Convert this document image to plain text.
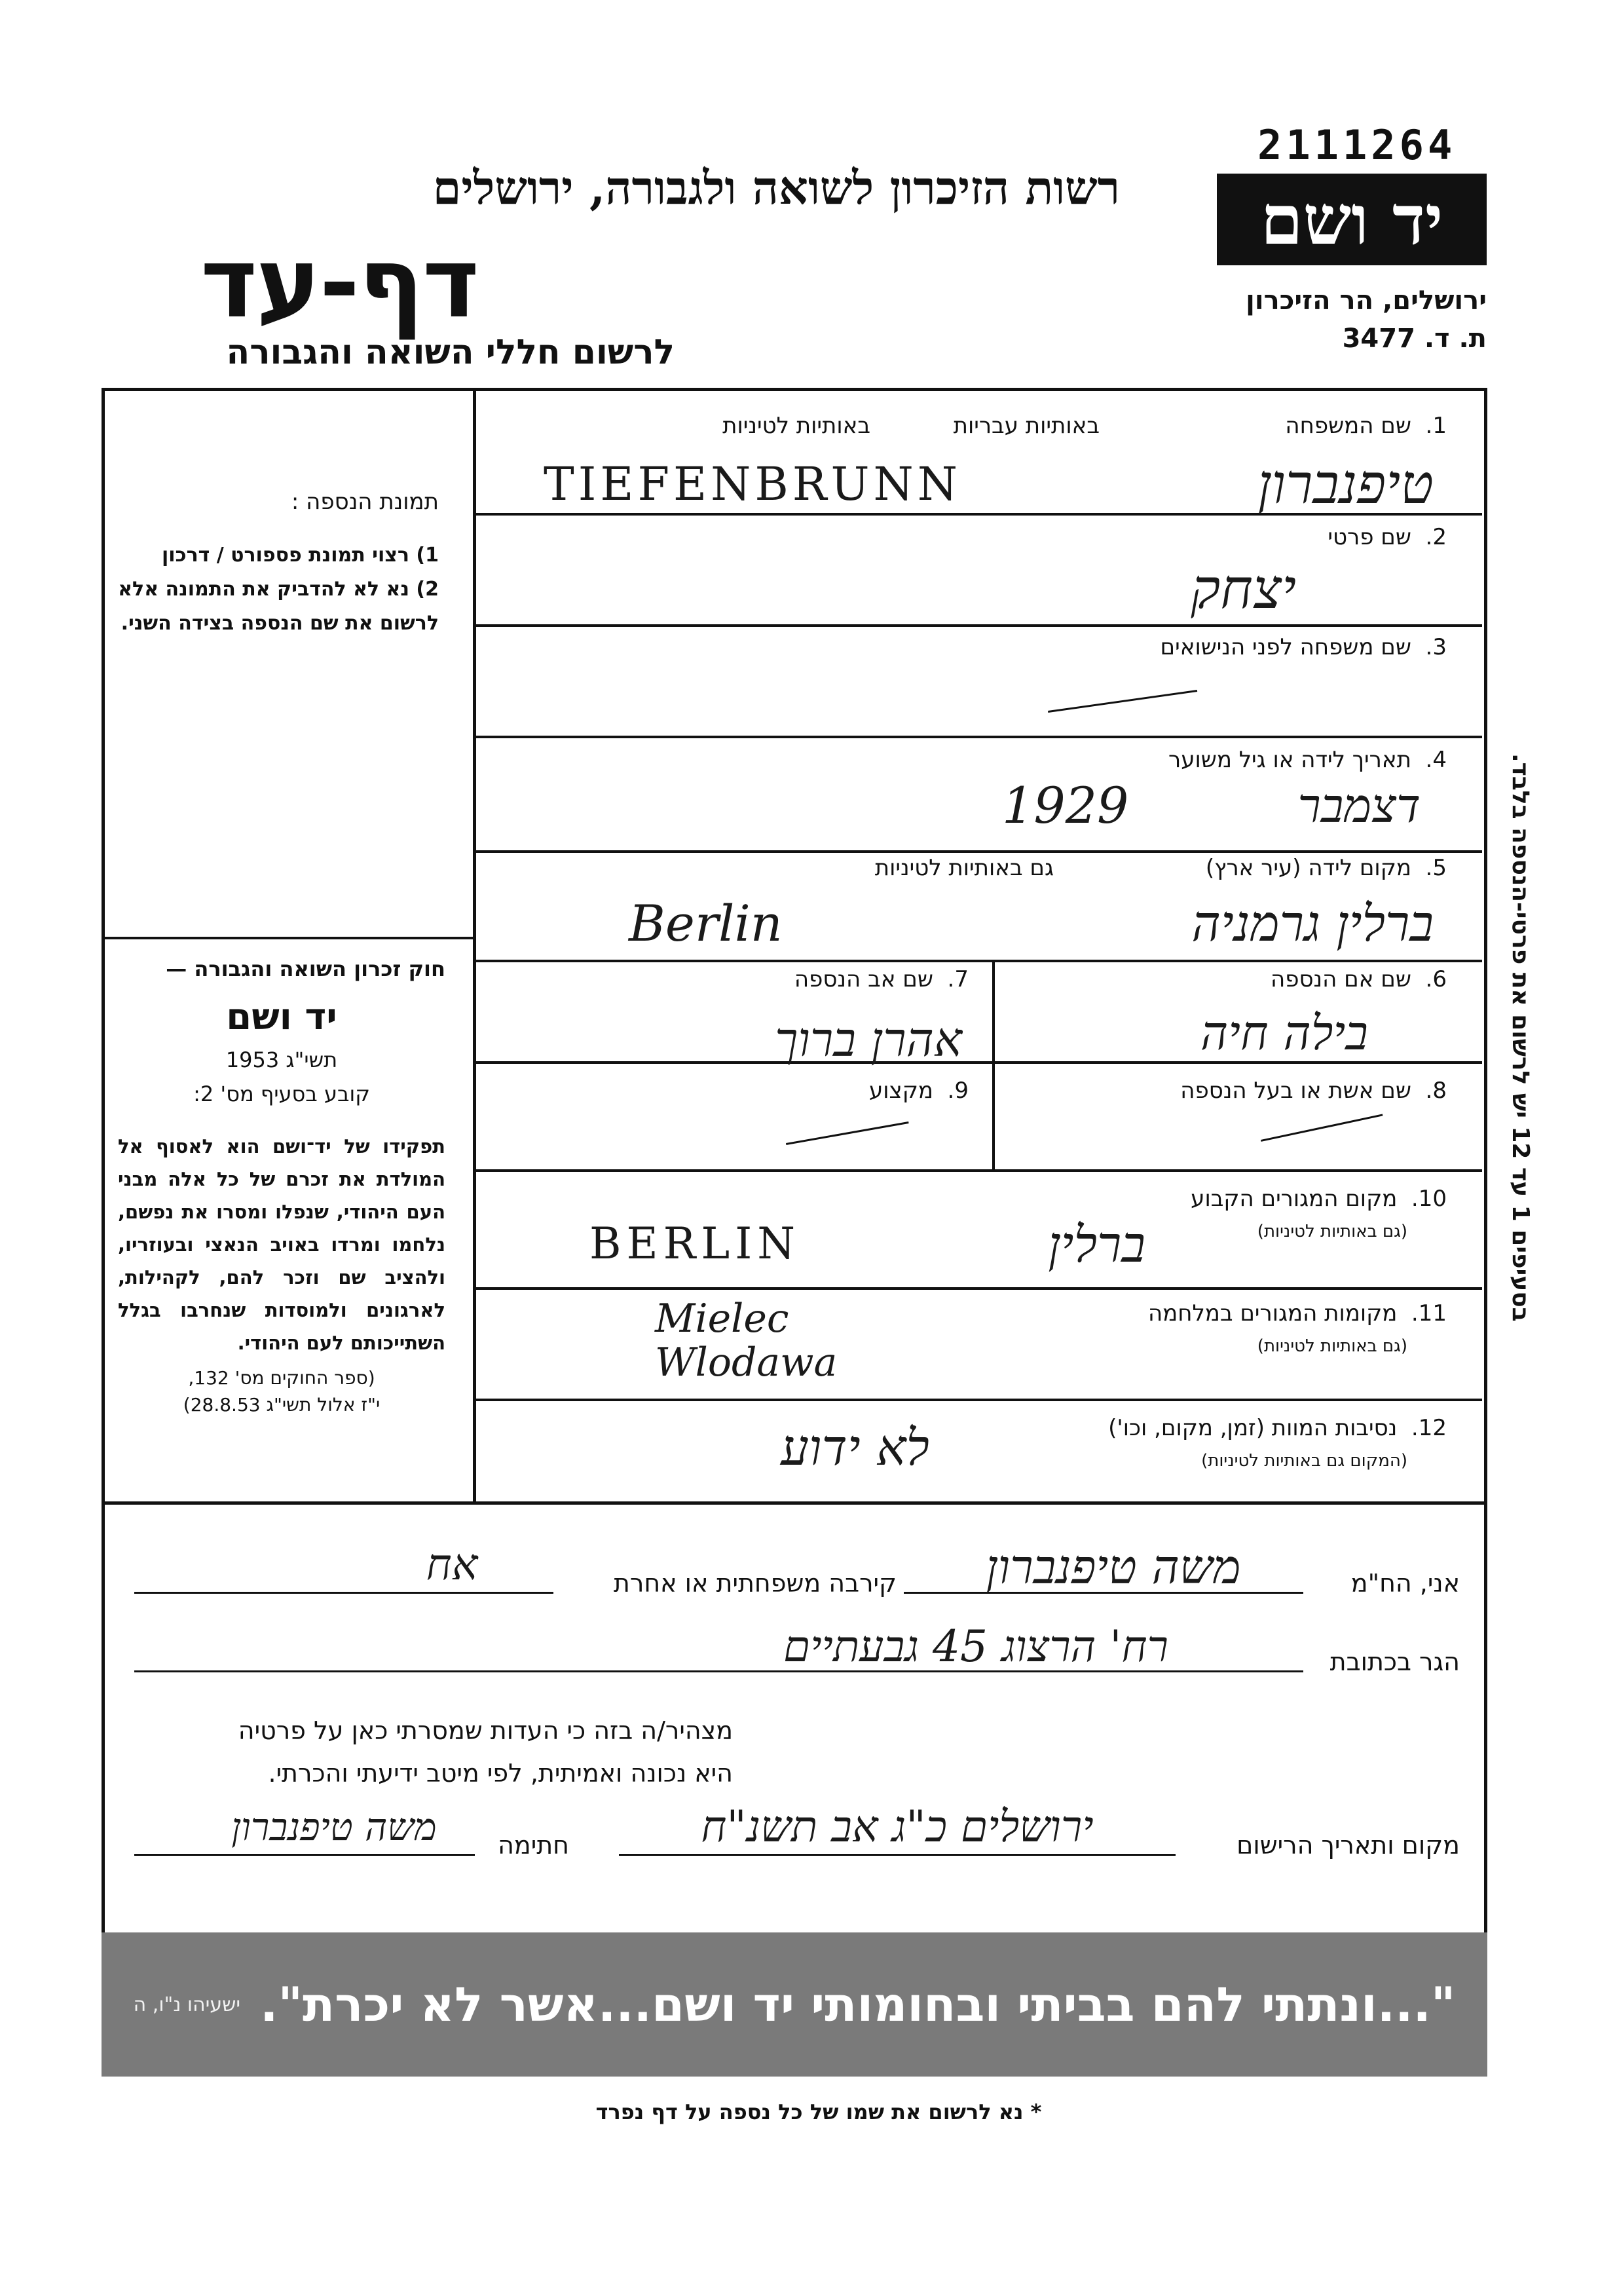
2111264
יד ושם
ירושלים, הר הזיכרון
ת. ד. 3477
רשות הזיכרון לשואה ולגבורה, ירושלים
דף-עד
לרשום חללי השואה והגבורה
בסעיפים 1 עד 12 יש לרשום את פרטי-הנספה בלבד.
תמונת הנספה :
1) רצוי תמונת פספורט / דרכון
2) נא לא להדביק את התמונה אלא לרשום את שם הנספה בצידה השני.
חוק זכרון השואה והגבורה —
יד ושם
תשי"ג 1953
קובע בסעיף מס' 2:
תפקידו של יד־ושם הוא לאסוף אל המולדת את זכרם של כל אלה מבני העם היהודי, שנפלו ומסרו את נפשם, נלחמו ומרדו באויב הנאצי ובעוזריו, ולהציב שם וזכר להם, לקהילות, לארגונים ולמוסדות שנחרבו בגלל השתייכותם לעם היהודי.
(ספר החוקים מס' 132,
י"ז אלול תשי"ג 28.8.53)
1.  שם המשפחה
באותיות עבריות
באותיות לטיניות
טיפנברון
TIEFENBRUNN
2.  שם פרטי
יצחק
3.  שם משפחה לפני הנישואים
4.  תאריך לידה או גיל משוער
1929	דצמבר
5.  מקום לידה (עיר ארץ)
גם באותיות לטיניות
ברלין גרמניה
Berlin
6.  שם אם הנספה
בילה חיה
7.  שם אב הנספה
אהרן ברוך
8.  שם אשת או בעל הנספה
9.  מקצוע
10.  מקום המגורים הקבוע
(גם באותיות לטיניות)
ברלין
BERLIN
11.  מקומות המגורים במלחמה
(גם באותיות לטיניות)
Mielec
Wlodawa
12.  נסיבות המוות (זמן, מקום, וכו')
(המקום גם באותיות לטיניות)
לא ידוע
אני, הח"מ
משה טיפנברון
קירבה משפחתית או אחרת
אח
הגר בכתובת
רח' הרצוג 45 גבעתיים
מצהיר/ה בזה כי העדות שמסרתי כאן על פרטיה
היא נכונה ואמיתית, לפי מיטב ידיעתי והכרתי.
מקום ותאריך הרישום
ירושלים כ"ג אב תשנ"ח
חתימה
משה טיפנברון
"...ונתתי להם בביתי ובחומותי יד ושם...אשר לא יכרת".
ישעיהו נ"ו, ה
* נא לרשום את שמו של כל נספה על דף נפרד
